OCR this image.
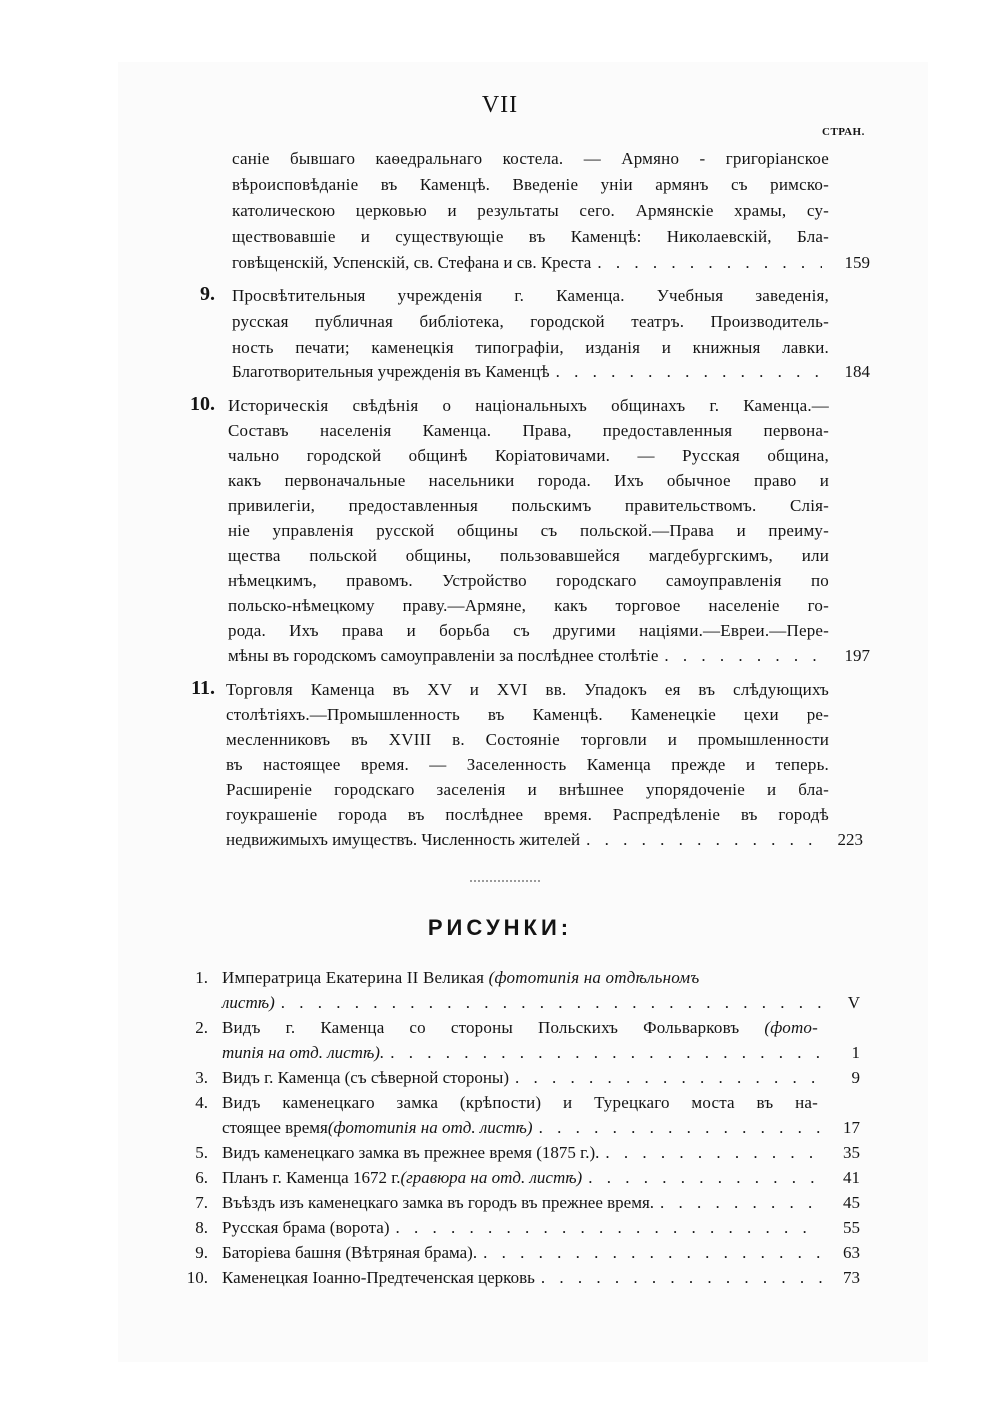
VII
СТРАН.
саніе бывшаго каѳедральнаго костела. — Армяно - григоріанское
вѣроисповѣданіе въ Каменцѣ. Введеніе уніи армянъ съ римско-
католическою церковью и результаты сего. Армянскіе храмы, су-
ществовавшіе и существующіе въ Каменцѣ: Николаевскій, Бла-
говѣщенскій, Успенскій, св. Стефана и св. Креста . . .	159
9. Просвѣтительныя учрежденія г. Каменца. Учебныя заведенія,
русская публичная библіотека, городской театръ. Производитель-
ность печати; каменецкія типографіи, изданія и книжныя лавки.
Благотворительныя учрежденія въ Каменцѣ . . .	184
10. Историческія свѣдѣнія о національныхъ общинахъ г. Каменца.—
Составъ населенія Каменца. Права, предоставленныя первона-
чально городской общинѣ Коріатовичами. — Русская община,
какъ первоначальные насельники города. Ихъ обычное право и
привилегіи, предоставленныя польскимъ правительствомъ. Слія-
ніе управленія русской общины съ польской.—Права и преиму-
щества польской общины, пользовавшейся магдебургскимъ, или
нѣмецкимъ, правомъ. Устройство городскаго самоуправленія по
польско-нѣмецкому праву.—Армяне, какъ торговое населеніе го-
рода. Ихъ права и борьба съ другими націями.—Евреи.—Пере-
мѣны въ городскомъ самоуправленіи за послѣднее столѣтіе . . .	197
11. Торговля Каменца въ XV и XVI вв. Упадокъ ея въ слѣдующихъ
столѣтіяхъ.—Промышленность въ Каменцѣ. Каменецкіе цехи ре-
месленниковъ въ XVIII в. Состояніе торговли и промышленности
въ настоящее время. — Заселенность Каменца прежде и теперь.
Расширеніе городскаго заселенія и внѣшнее упорядоченіе и бла-
гоукрашеніе города въ послѣднее время. Распредѣленіе въ городѣ
недвижимыхъ имуществъ. Численность жителей . . .	223
РИСУНКИ:
1. Императрица Екатерина II Великая (фототипія на отдѣльномъ
листѣ) . . .	V
2. Видъ г. Каменца со стороны Польскихъ Фольварковъ (фото-
типія на отд. листѣ). . . .	1
3. Видъ г. Каменца (съ сѣверной стороны) . . .	9
4. Видъ каменецкаго замка (крѣпости) и Турецкаго моста въ на-
стоящее время (фототипія на отд. листѣ) . . .	17
5. Видъ каменецкаго замка въ прежнее время (1875 г.). . . .	35
6. Планъ г. Каменца 1672 г. (гравюра на отд. листѣ) . . .	41
7. Въѣздъ изъ каменецкаго замка въ городъ въ прежнее время. . . .	45
8. Русская брама (ворота) . . .	55
9. Баторіева башня (Вѣтряная брама). . . .	63
10. Каменецкая Іоанно-Предтеченская церковь . . .	73
